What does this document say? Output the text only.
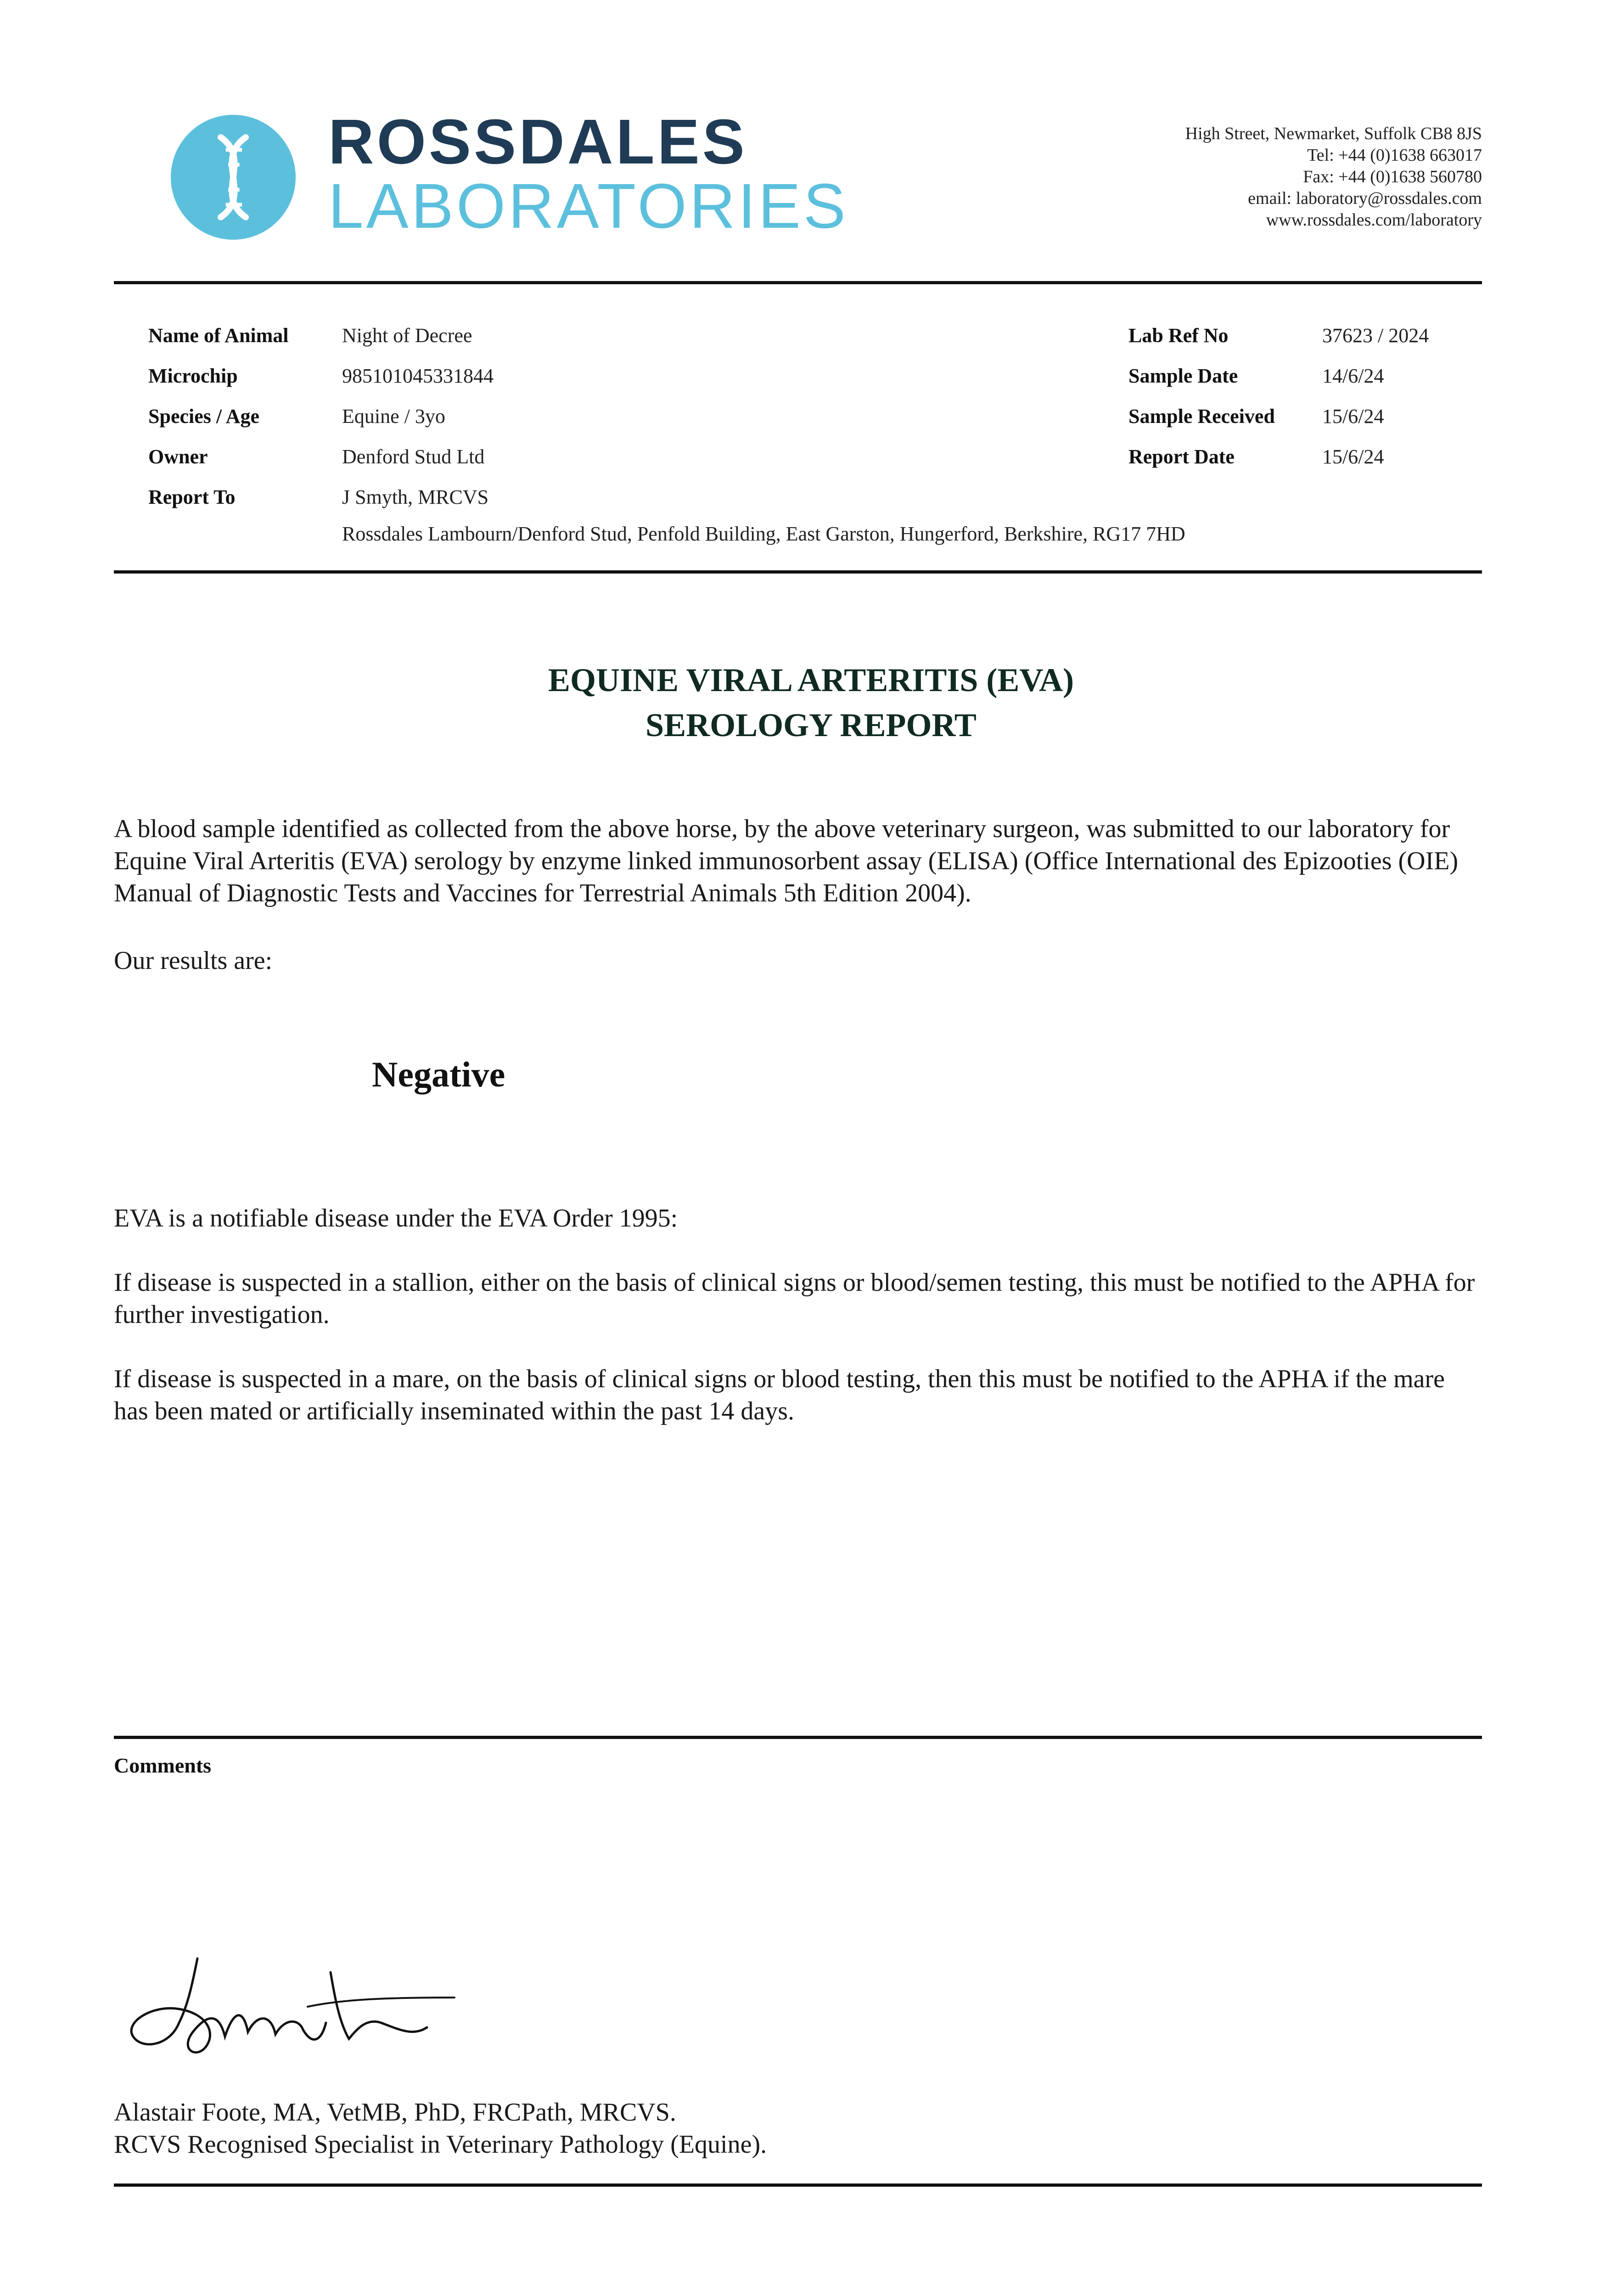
ROSSDALES
LABORATORIES
High Street, Newmarket, Suffolk CB8 8JS
Tel: +44 (0)1638 663017
Fax: +44 (0)1638 560780
email: laboratory@rossdales.com
www.rossdales.com/laboratory
Name of Animal	Night of Decree
Microchip	985101045331844
Species / Age	Equine / 3yo
Owner	Denford Stud Ltd
Report To	J Smyth, MRCVS
Rossdales Lambourn/Denford Stud, Penfold Building, East Garston, Hungerford, Berkshire, RG17 7HD
Lab Ref No	37623 / 2024
Sample Date	14/6/24
Sample Received 15/6/24
Report Date	15/6/24
EQUINE VIRAL ARTERITIS (EVA)
SEROLOGY REPORT
A blood sample identified as collected from the above horse, by the above veterinary surgeon, was submitted to our laboratory for Equine Viral Arteritis (EVA) serology by enzyme linked immunosorbent assay (ELISA) (Office International des Epizooties (OIE) Manual of Diagnostic Tests and Vaccines for Terrestrial Animals 5th Edition 2004).
Our results are:
Negative
EVA is a notifiable disease under the EVA Order 1995:
If disease is suspected in a stallion, either on the basis of clinical signs or blood/semen testing, this must be notified to the APHA for further investigation.
If disease is suspected in a mare, on the basis of clinical signs or blood testing, then this must be notified to the APHA if the mare has been mated or artificially inseminated within the past 14 days.
Comments
Alastair Foote, MA, VetMB, PhD, FRCPath, MRCVS.
RCVS Recognised Specialist in Veterinary Pathology (Equine).
